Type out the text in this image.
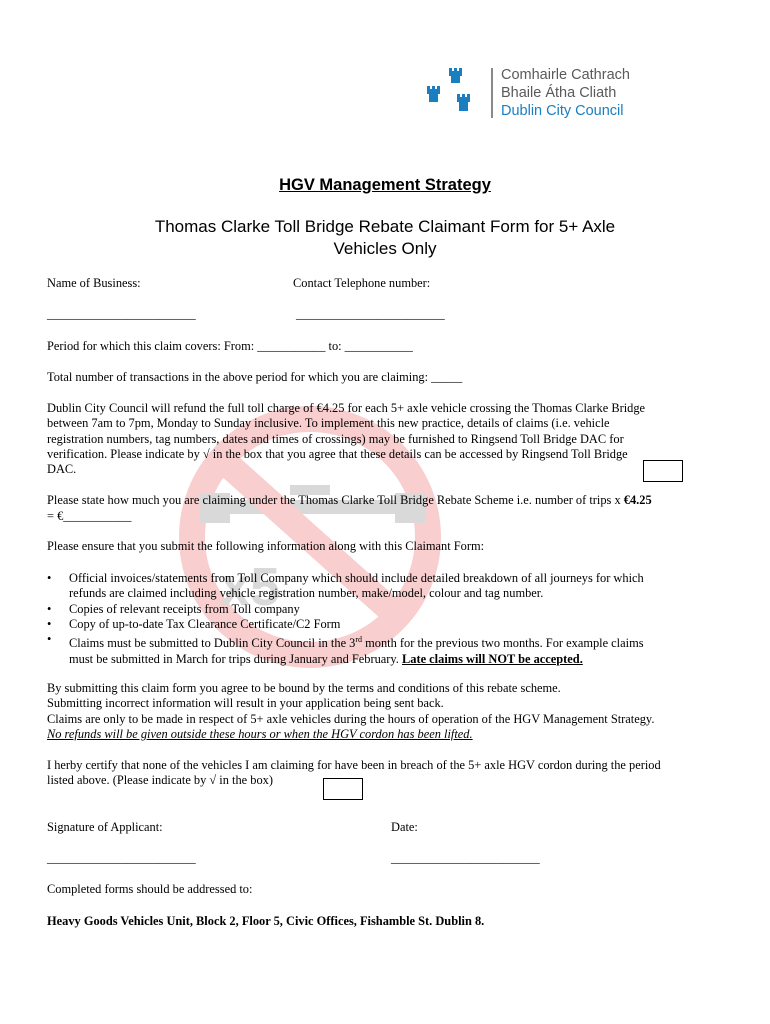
Comhairle Cathrach
Bhaile Átha Cliath
Dublin City Council
x5
HGV Management Strategy
Thomas Clarke Toll Bridge Rebate Claimant Form for 5+ Axle
Vehicles Only
Name of Business:	Contact Telephone number:
________________________	________________________
Period for which this claim covers: From: ___________ to: ___________
Total number of transactions in the above period for which you are claiming: _____
Dublin City Council will refund the full toll charge of €4.25 for each 5+ axle vehicle crossing the Thomas Clarke Bridge
between 7am to 7pm, Monday to Sunday inclusive. To implement this new practice, details of claims (i.e. vehicle
registration numbers, tag numbers, dates and times of crossings) may be furnished to Ringsend Toll Bridge DAC for
verification. Please indicate by √ in the box that you agree that these details can be accessed by Ringsend Toll Bridge
DAC.
Please state how much you are claiming under the Thomas Clarke Toll Bridge Rebate Scheme i.e. number of trips x €4.25
= €___________
Please ensure that you submit the following information along with this Claimant Form:
• Official invoices/statements from Toll Company which should include detailed breakdown of all journeys for which
refunds are claimed including vehicle registration number, make/model, colour and tag number.
• Copies of relevant receipts from Toll company
• Copy of up-to-date Tax Clearance Certificate/C2 Form
• Claims must be submitted to Dublin City Council in the 3rd month for the previous two months. For example claims
must be submitted in March for trips during January and February. Late claims will NOT be accepted.
By submitting this claim form you agree to be bound by the terms and conditions of this rebate scheme.
Submitting incorrect information will result in your application being sent back.
Claims are only to be made in respect of 5+ axle vehicles during the hours of operation of the HGV Management Strategy.
No refunds will be given outside these hours or when the HGV cordon has been lifted.
I herby certify that none of the vehicles I am claiming for have been in breach of the 5+ axle HGV cordon during the period
listed above. (Please indicate by √ in the box)
Signature of Applicant:	Date:
________________________	________________________
Completed forms should be addressed to:
Heavy Goods Vehicles Unit, Block 2, Floor 5, Civic Offices, Fishamble St. Dublin 8.
